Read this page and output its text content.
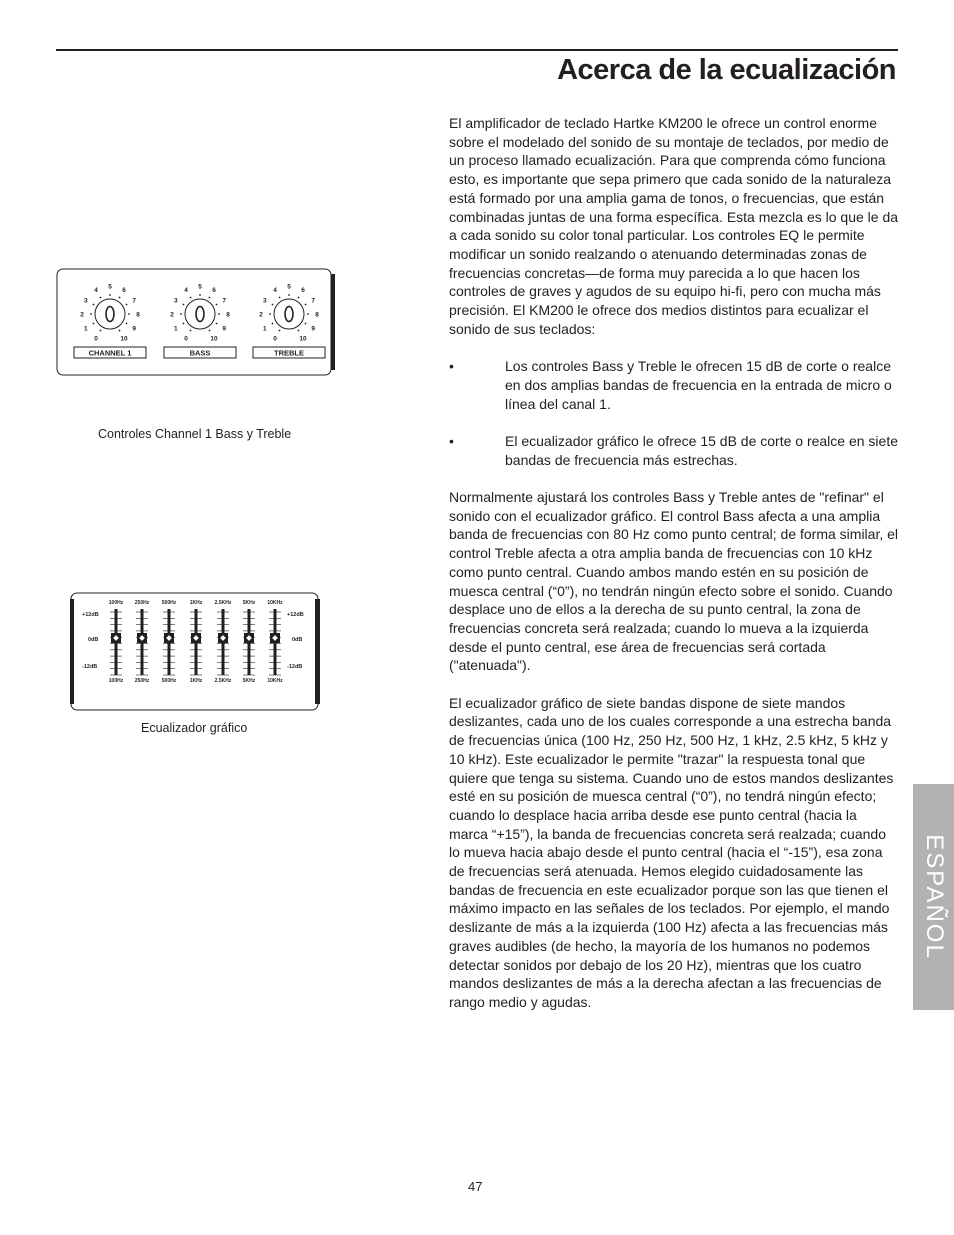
Acerca de la ecualización

El amplificador de teclado Hartke KM200 le ofrece un control enorme sobre el modelado del sonido de su montaje de teclados, por medio de un proceso llamado ecualización. Para que comprenda cómo funciona esto, es importante que sepa primero que cada sonido de la naturaleza está formado por una amplia gama de tonos, o frecuencias, que están combinadas juntas de una forma específica. Esta mezcla es lo que le da a cada sonido su color tonal particular. Los controles EQ le permite modificar un sonido realzando o atenuando determinadas zonas de frecuencias concretas—de forma muy parecida a lo que hacen los controles de graves y agudos de su equipo hi-fi, pero con mucha más precisión. El KM200 le ofrece dos medios distintos para ecualizar el sonido de sus teclados:

•	Los controles Bass y Treble le ofrecen 15 dB de corte o realce en dos amplias bandas de frecuencia en la entrada de micro o línea del canal 1.

•	El ecualizador gráfico le ofrece 15 dB de corte o realce en siete bandas de frecuencia más estrechas.

Normalmente ajustará los controles Bass y Treble antes de "refinar" el sonido con el ecualizador gráfico. El control Bass afecta a una amplia banda de frecuencias con 80 Hz como punto central; de forma similar, el control Treble afecta a otra amplia banda de frecuencias con 10 kHz como punto central. Cuando ambos mando estén en su posición de muesca central (“0”), no tendrán ningún efecto sobre el sonido. Cuando desplace uno de ellos a la derecha de su punto central, la zona de frecuencias concreta será realzada; cuando lo mueva a la izquierda desde el punto central, ese área de frecuencias será cortada ("atenuada").

El ecualizador gráfico de siete bandas dispone de siete mandos deslizantes, cada uno de los cuales corresponde a una estrecha banda de frecuencias única (100 Hz, 250 Hz, 500 Hz, 1 kHz, 2.5 kHz, 5 kHz y 10 kHz). Este ecualizador le permite "trazar" la respuesta tonal que quiere que tenga su sistema. Cuando uno de estos mandos deslizantes esté en su posición de muesca central (“0”), no tendrá ningún efecto; cuando lo desplace hacia arriba desde ese punto central (hacia la marca “+15”), la banda de frecuencias concreta será realzada; cuando lo mueva hacia abajo desde el punto central (hacia el “-15”), esa zona de frecuencias será atenuada. Hemos elegido cuidadosamente las bandas de frecuencia en este ecualizador porque son las que tienen el máximo impacto en las señales de los teclados. Por ejemplo, el mando deslizante de más a la izquierda (100 Hz) afecta a las frecuencias más graves audibles (de hecho, la mayoría de los humanos no podemos detectar sonidos por debajo de los 20 Hz), mientras que los cuatro mandos deslizantes de más a la derecha afectan a las frecuencias de rango medio y agudas.

0
1
2
3
4
5
6
7
8
9
10
CHANNEL 1
0
1
2
3
4
5
6
7
8
9
10
BASS
0
1
2
3
4
5
6
7
8
9
10
TREBLE
Controles Channel 1 Bass y Treble
+12dB
0dB
-12dB
+12dB
0dB
-12dB
100Hz
100Hz
250Hz
250Hz
500Hz
500Hz
1KHz
1KHz
2.5KHz
2.5KHz
5KHz
5KHz
10KHz
10KHz
Ecualizador gráfico
ESPAÑOL
47
